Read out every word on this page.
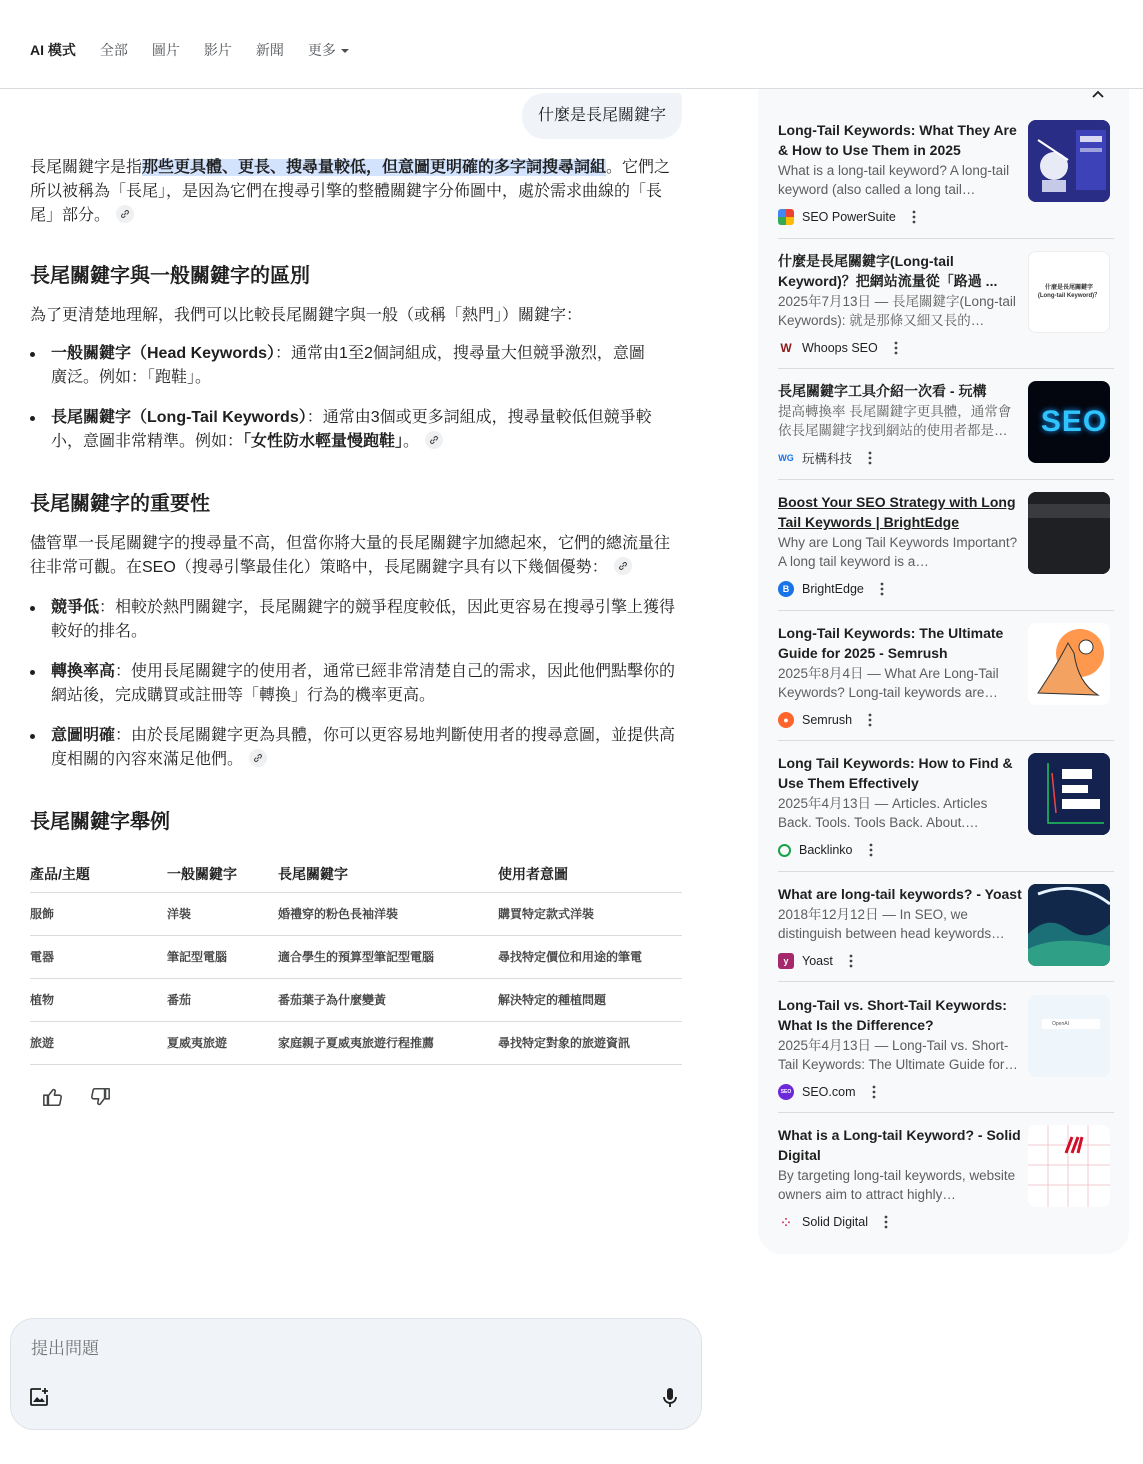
AI 模式 全部 圖片 影片 新聞 更多
什麼是長尾關鍵字

長尾關鍵字是指那些更具體、更長、搜尋量較低，但意圖更明確的多字詞搜尋詞組。它們之所以被稱為「長尾」，是因為它們在搜尋引擎的整體關鍵字分佈圖中，處於需求曲線的「長尾」部分。

長尾關鍵字與一般關鍵字的區別

為了更清楚地理解，我們可以比較長尾關鍵字與一般（或稱「熱門」）關鍵字：

一般關鍵字（Head Keywords）：通常由1至2個詞組成，搜尋量大但競爭激烈，意圖廣泛。例如：「跑鞋」。
長尾關鍵字（Long-Tail Keywords）：通常由3個或更多詞組成，搜尋量較低但競爭較小，意圖非常精準。例如：「女性防水輕量慢跑鞋」。
長尾關鍵字的重要性

儘管單一長尾關鍵字的搜尋量不高，但當你將大量的長尾關鍵字加總起來，它們的總流量往往非常可觀。在SEO（搜尋引擎最佳化）策略中，長尾關鍵字具有以下幾個優勢：

競爭低：相較於熱門關鍵字，長尾關鍵字的競爭程度較低，因此更容易在搜尋引擎上獲得較好的排名。
轉換率高：使用長尾關鍵字的使用者，通常已經非常清楚自己的需求，因此他們點擊你的網站後，完成購買或註冊等「轉換」行為的機率更高。
意圖明確：由於長尾關鍵字更為具體，你可以更容易地判斷使用者的搜尋意圖，並提供高度相關的內容來滿足他們。
長尾關鍵字舉例
產品/主題	一般關鍵字	長尾關鍵字	使用者意圖
服飾	洋裝	婚禮穿的粉色長袖洋裝	購買特定款式洋裝
電器	筆記型電腦	適合學生的預算型筆記型電腦	尋找特定價位和用途的筆電
植物	番茄	番茄葉子為什麼變黃	解決特定的種植問題
旅遊	夏威夷旅遊	家庭親子夏威夷旅遊行程推薦	尋找特定對象的旅遊資訊
Long-Tail Keywords: What They Are & How to Use Them in 2025
What is a long-tail keyword? A long-tail keyword (also called a long tail…
SEO PowerSuite
什麼是長尾關鍵字(Long-tail Keyword)？把網站流量從「路過 ...
2025年7月13日 — 長尾關鍵字(Long-tail Keywords): 就是那條又細又長的…
W Whoops SEO
什麼是長尾關鍵字
(Long-tail Keyword)？
長尾關鍵字工具介紹一次看 - 玩構
提高轉換率 長尾關鍵字更具體，通常會依長尾關鍵字找到網站的使用者都是…
WG 玩構科技
SEO
Boost Your SEO Strategy with Long Tail Keywords | BrightEdge
Why are Long Tail Keywords Important? A long tail keyword is a…
B	BrightEdge
Long-Tail Keywords: The Ultimate Guide for 2025 - Semrush
2025年8月4日 — What Are Long-Tail Keywords? Long-tail keywords are…
●	Semrush
Long Tail Keywords: How to Find & Use Them Effectively
2025年4月13日 — Articles. Articles Back. Tools. Tools Back. About.…
Backlinko
What are long-tail keywords? - Yoast
2018年12月12日 — In SEO, we distinguish between head keywords…
y	Yoast
Long-Tail vs. Short-Tail Keywords: What Is the Difference?
2025年4月13日 — Long-Tail vs. Short-Tail Keywords: The Ultimate Guide for…
SEO SEO.com
OpenAI
What is a Long-tail Keyword? - Solid Digital
By targeting long-tail keywords, website owners aim to attract highly…
⁘ Solid Digital
提出問題
